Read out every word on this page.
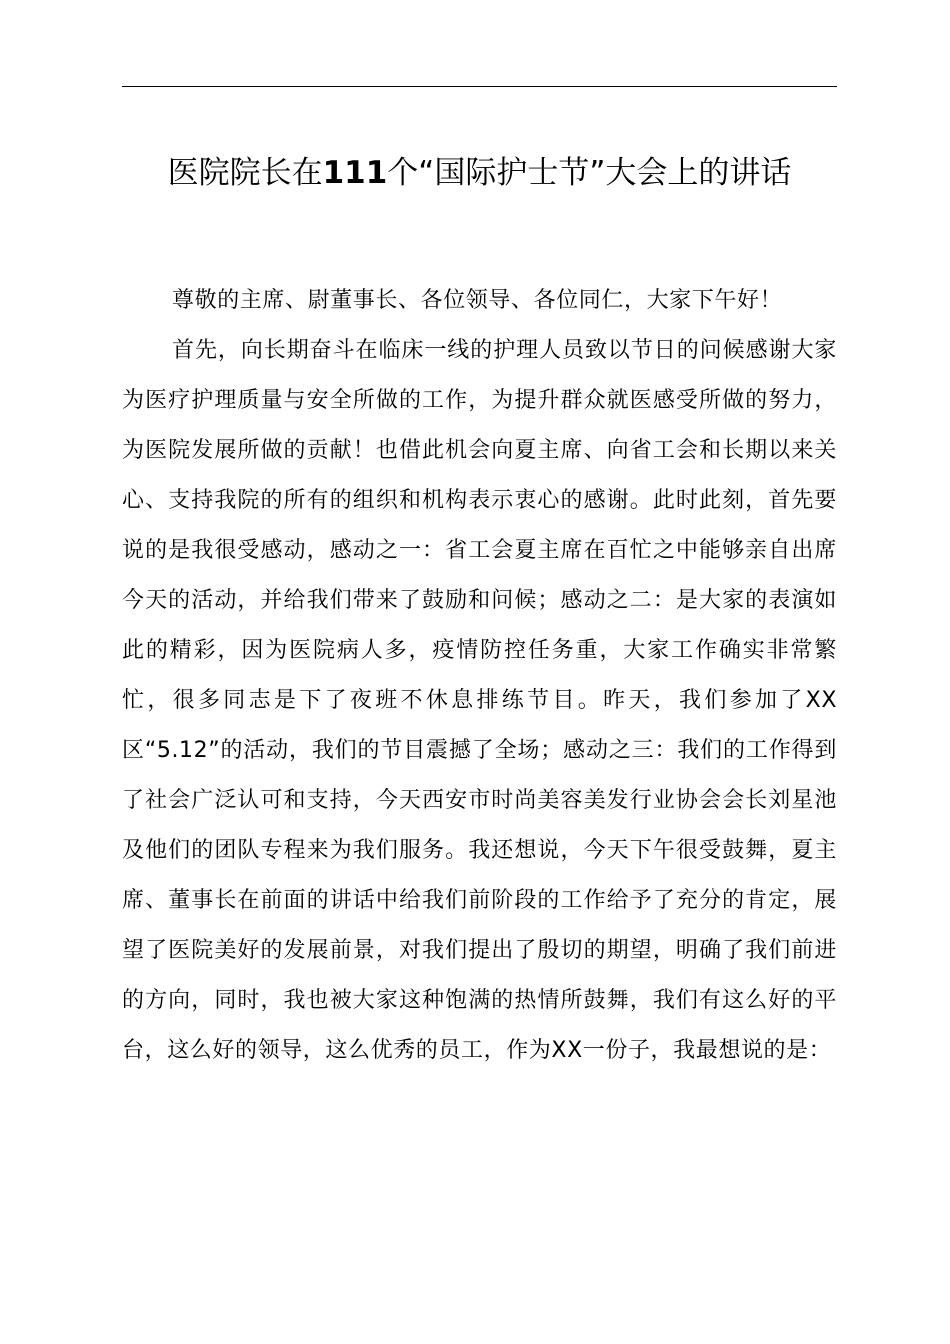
医院院长在111个“国际护士节”大会上的讲话

尊敬的主席、尉董事长、各位领导、各位同仁，大家下午好！

首先，向长期奋斗在临床一线的护理人员致以节日的问候感谢大家为医疗护理质量与安全所做的工作，为提升群众就医感受所做的努力，为医院发展所做的贡献！也借此机会向夏主席、向省工会和长期以来关心、支持我院的所有的组织和机构表示衷心的感谢。此时此刻，首先要说的是我很受感动，感动之一：省工会夏主席在百忙之中能够亲自出席今天的活动，并给我们带来了鼓励和问候；感动之二：是大家的表演如此的精彩，因为医院病人多，疫情防控任务重，大家工作确实非常繁忙，很多同志是下了夜班不休息排练节目。昨天，我们参加了XX区“5.12”的活动，我们的节目震撼了全场；感动之三：我们的工作得到了社会广泛认可和支持，今天西安市时尚美容美发行业协会会长刘星池及他们的团队专程来为我们服务。我还想说，今天下午很受鼓舞，夏主席、董事长在前面的讲话中给我们前阶段的工作给予了充分的肯定，展望了医院美好的发展前景，对我们提出了殷切的期望，明确了我们前进的方向，同时，我也被大家这种饱满的热情所鼓舞，我们有这么好的平台，这么好的领导，这么优秀的员工，作为XX一份子，我最想说的是：
